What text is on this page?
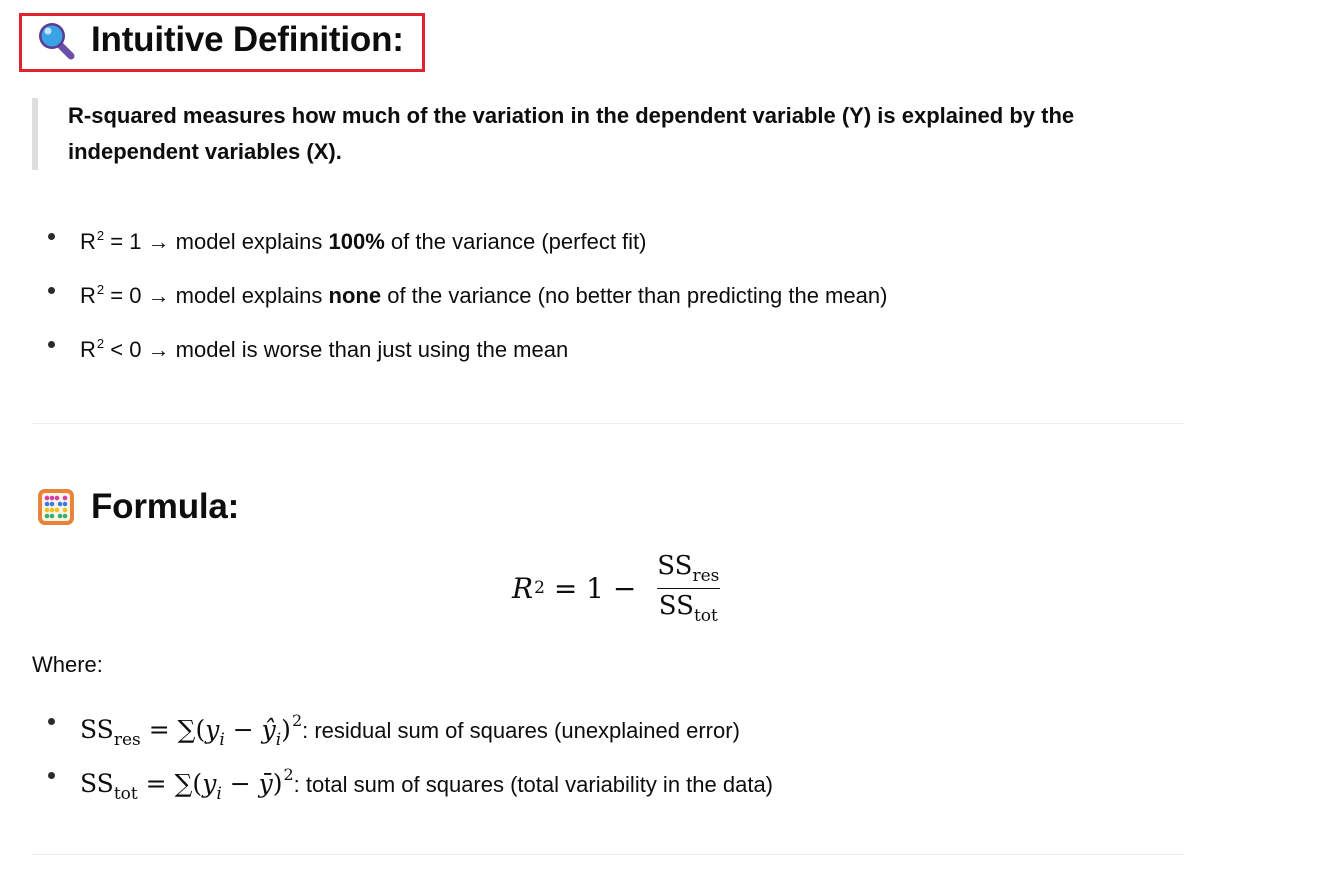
Intuitive Definition:
R-squared measures how much of the variation in the dependent variable (Y) is explained by the independent variables (X).
$R^2 = 1$ → model explains 100% of the variance (perfect fit)
$R^2 = 0$ → model explains none of the variance (no better than predicting the mean)
$R^2 < 0$ → model is worse than just using the mean
Formula:
R $2 = 1 - \frac{SS_{res}}{SS_{tot}}$
Where:
$SS_{res} = \sum(y_i$ − $ŷ_i)^2$: residual sum of squares (unexplained error)
$SS_{tot} = \sum(y_i$ − ȳ)$^2$: total sum of squares (total variability in the data)
